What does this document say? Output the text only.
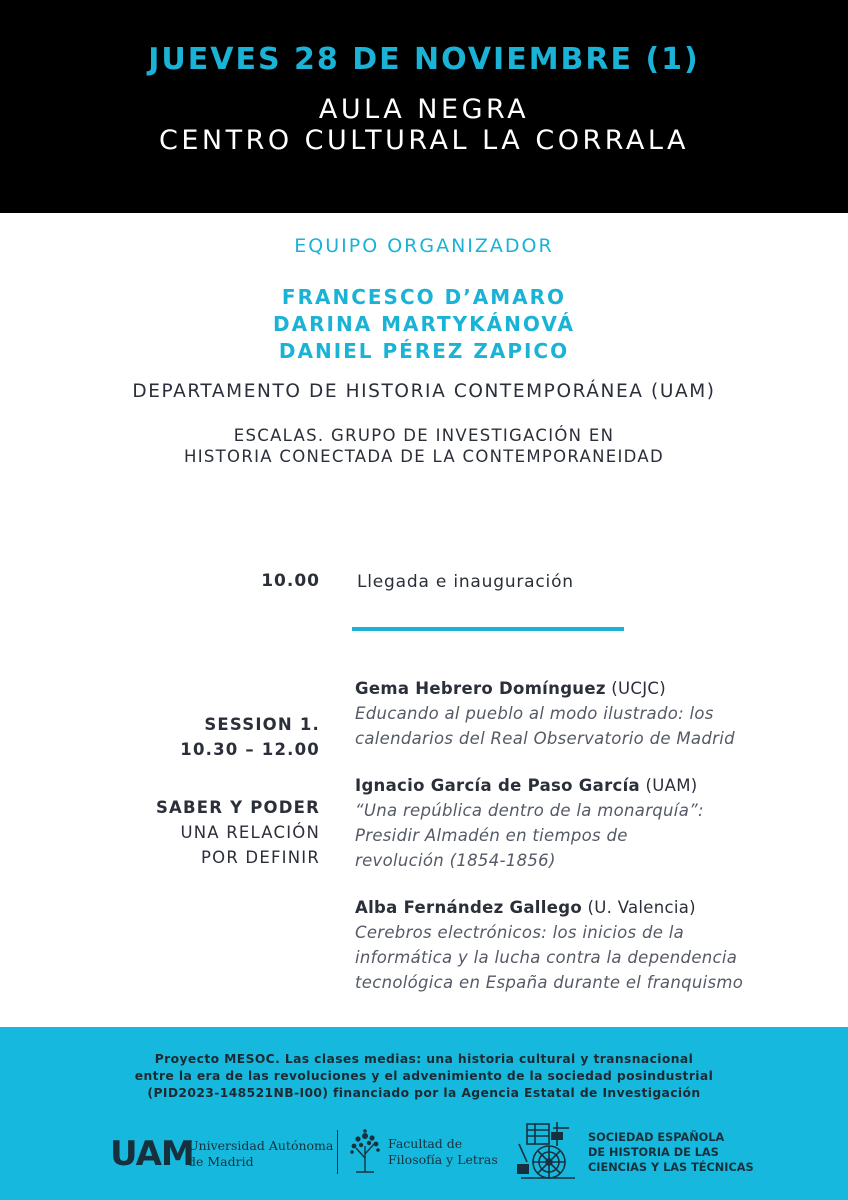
JUEVES 28 DE NOVIEMBRE (1)
AULA NEGRA
CENTRO CULTURAL LA CORRALA
EQUIPO ORGANIZADOR
FRANCESCO D’AMARO
DARINA MARTYKÁNOVÁ
DANIEL PÉREZ ZAPICO
DEPARTAMENTO DE HISTORIA CONTEMPORÁNEA (UAM)
ESCALAS. GRUPO DE INVESTIGACIÓN EN
HISTORIA CONECTADA DE LA CONTEMPORANEIDAD
10.00 Llegada e inauguración
SESSION 1.
10.30 – 12.00
SABER Y PODER
UNA RELACIÓN
POR DEFINIR
Gema Hebrero Domínguez (UCJC)
Educando al pueblo al modo ilustrado: los
calendarios del Real Observatorio de Madrid
Ignacio García de Paso García (UAM)
“Una república dentro de la monarquía”:
Presidir Almadén en tiempos de
revolución (1854-1856)
Alba Fernández Gallego (U. Valencia)
Cerebros electrónicos: los inicios de la
informática y la lucha contra la dependencia
tecnológica en España durante el franquismo
Proyecto MESOC. Las clases medias: una historia cultural y transnacional
entre la era de las revoluciones y el advenimiento de la sociedad posindustrial
(PID2023-148521NB-I00) financiado por la Agencia Estatal de Investigación
UAM
Universidad Autónoma
de Madrid
Facultad de
Filosofía y Letras
SOCIEDAD ESPAÑOLA
DE HISTORIA DE LAS
CIENCIAS Y LAS TÉCNICAS
